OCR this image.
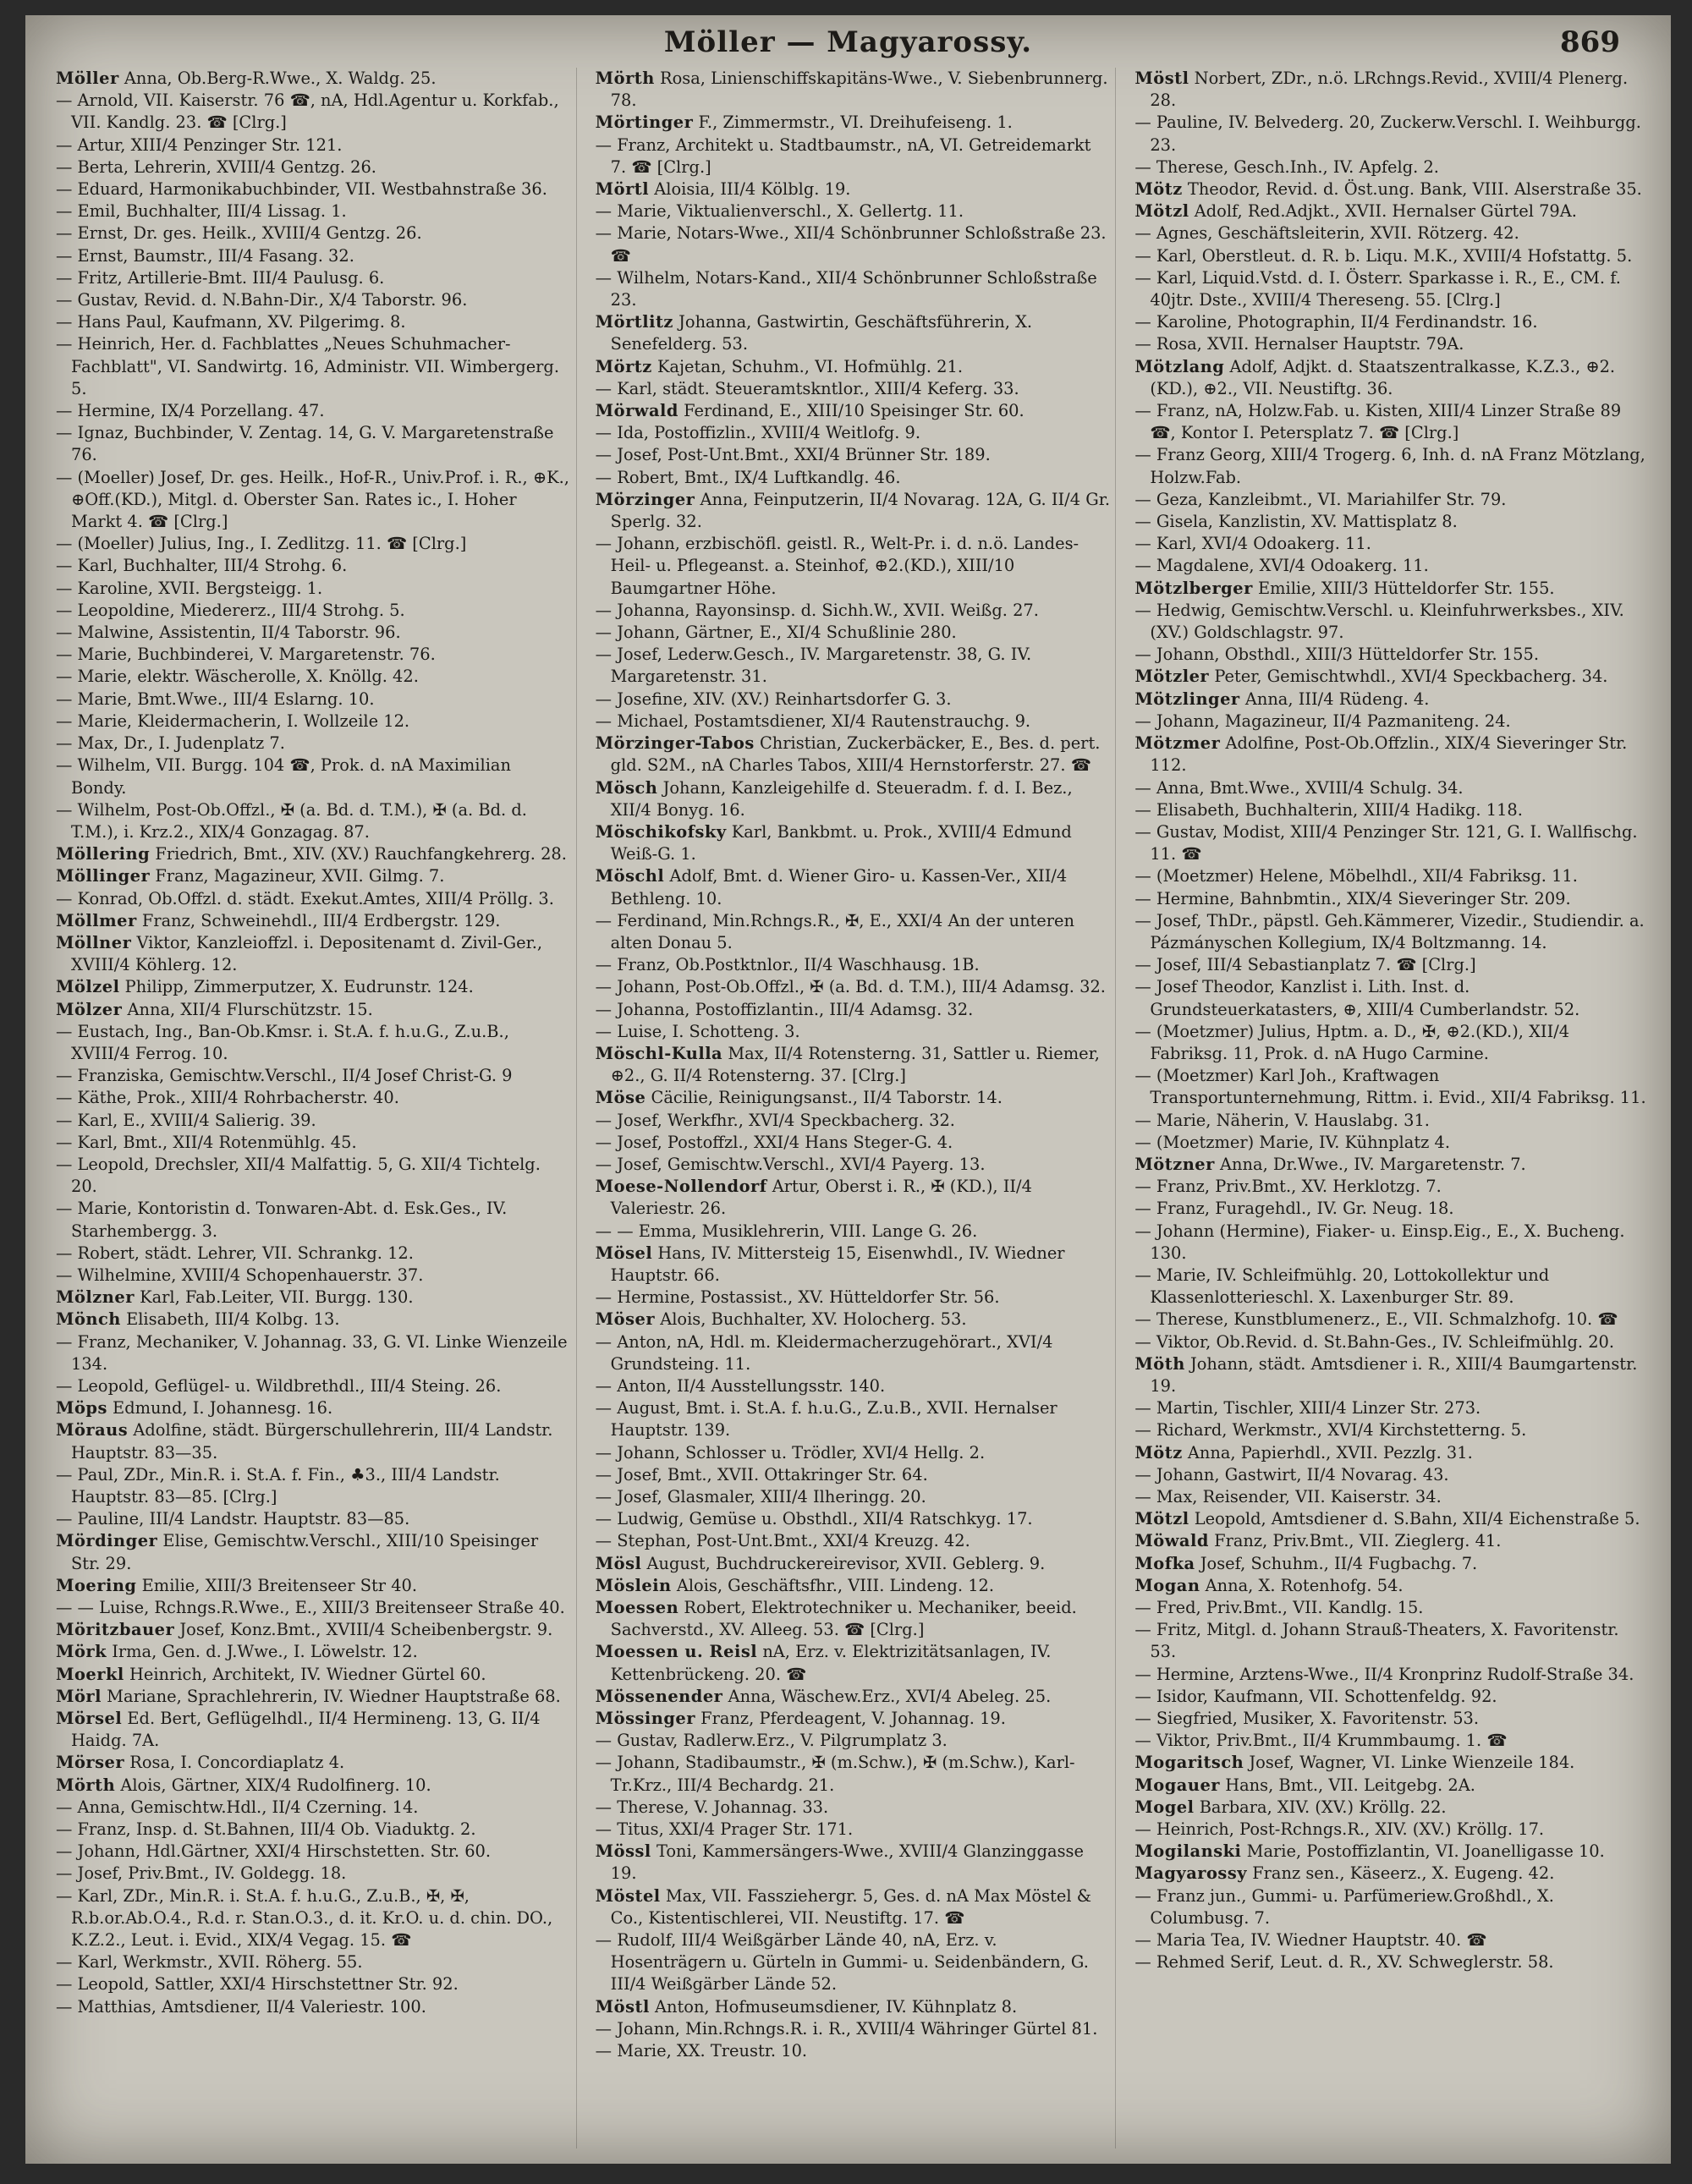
Möller — Magyarossy.	869

Möller Anna, Ob.Berg-R.Wwe., X. Waldg. 25.

— Arnold, VII. Kaiserstr. 76 ☎, nA, Hdl.Agentur u. Korkfab., VII. Kandlg. 23. ☎ [Clrg.]

— Artur, XIII/4 Penzinger Str. 121.

— Berta, Lehrerin, XVIII/4 Gentzg. 26.

— Eduard, Harmonikabuchbinder, VII. Westbahnstraße 36.

— Emil, Buchhalter, III/4 Lissag. 1.

— Ernst, Dr. ges. Heilk., XVIII/4 Gentzg. 26.

— Ernst, Baumstr., III/4 Fasang. 32.

— Fritz, Artillerie-Bmt. III/4 Paulusg. 6.

— Gustav, Revid. d. N.Bahn-Dir., X/4 Taborstr. 96.

— Hans Paul, Kaufmann, XV. Pilgerimg. 8.

— Heinrich, Her. d. Fachblattes „Neues Schuhmacher-Fachblatt", VI. Sandwirtg. 16, Administr. VII. Wimbergerg. 5.

— Hermine, IX/4 Porzellang. 47.

— Ignaz, Buchbinder, V. Zentag. 14, G. V. Margaretenstraße 76.

— (Moeller) Josef, Dr. ges. Heilk., Hof-R., Univ.Prof. i. R., ⊕K., ⊕Off.(KD.), Mitgl. d. Oberster San. Rates ic., I. Hoher Markt 4. ☎ [Clrg.]

— (Moeller) Julius, Ing., I. Zedlitzg. 11. ☎ [Clrg.]

— Karl, Buchhalter, III/4 Strohg. 6.

— Karoline, XVII. Bergsteigg. 1.

— Leopoldine, Miedererz., III/4 Strohg. 5.

— Malwine, Assistentin, II/4 Taborstr. 96.

— Marie, Buchbinderei, V. Margaretenstr. 76.

— Marie, elektr. Wäscherolle, X. Knöllg. 42.

— Marie, Bmt.Wwe., III/4 Eslarng. 10.

— Marie, Kleidermacherin, I. Wollzeile 12.

— Max, Dr., I. Judenplatz 7.

— Wilhelm, VII. Burgg. 104 ☎, Prok. d. nA Maximilian Bondy.

— Wilhelm, Post-Ob.Offzl., ✠ (a. Bd. d. T.M.), ✠ (a. Bd. d. T.M.), i. Krz.2., XIX/4 Gonzagag. 87.

Möllering Friedrich, Bmt., XIV. (XV.) Rauchfangkehrerg. 28.

Möllinger Franz, Magazineur, XVII. Gilmg. 7.

— Konrad, Ob.Offzl. d. städt. Exekut.Amtes, XIII/4 Pröllg. 3.

Möllmer Franz, Schweinehdl., III/4 Erdbergstr. 129.

Möllner Viktor, Kanzleioffzl. i. Depositenamt d. Zivil-Ger., XVIII/4 Köhlerg. 12.

Mölzel Philipp, Zimmerputzer, X. Eudrunstr. 124.

Mölzer Anna, XII/4 Flurschützstr. 15.

— Eustach, Ing., Ban-Ob.Kmsr. i. St.A. f. h.u.G., Z.u.B., XVIII/4 Ferrog. 10.

— Franziska, Gemischtw.Verschl., II/4 Josef Christ-G. 9

— Käthe, Prok., XIII/4 Rohrbacherstr. 40.

— Karl, E., XVIII/4 Salierig. 39.

— Karl, Bmt., XII/4 Rotenmühlg. 45.

— Leopold, Drechsler, XII/4 Malfattig. 5, G. XII/4 Tichtelg. 20.

— Marie, Kontoristin d. Tonwaren-Abt. d. Esk.Ges., IV. Starhembergg. 3.

— Robert, städt. Lehrer, VII. Schrankg. 12.

— Wilhelmine, XVIII/4 Schopenhauerstr. 37.

Mölzner Karl, Fab.Leiter, VII. Burgg. 130.

Mönch Elisabeth, III/4 Kolbg. 13.

— Franz, Mechaniker, V. Johannag. 33, G. VI. Linke Wienzeile 134.

— Leopold, Geflügel- u. Wildbrethdl., III/4 Steing. 26.

Möps Edmund, I. Johannesg. 16.

Möraus Adolfine, städt. Bürgerschullehrerin, III/4 Landstr. Hauptstr. 83—35.

— Paul, ZDr., Min.R. i. St.A. f. Fin., ♣3., III/4 Landstr. Hauptstr. 83—85. [Clrg.]

— Pauline, III/4 Landstr. Hauptstr. 83—85.

Mördinger Elise, Gemischtw.Verschl., XIII/10 Speisinger Str. 29.

Moering Emilie, XIII/3 Breitenseer Str 40.

— — Luise, Rchngs.R.Wwe., E., XIII/3 Breitenseer Straße 40.

Möritzbauer Josef, Konz.Bmt., XVIII/4 Scheibenbergstr. 9.

Mörk Irma, Gen. d. J.Wwe., I. Löwelstr. 12.

Moerkl Heinrich, Architekt, IV. Wiedner Gürtel 60.

Mörl Mariane, Sprachlehrerin, IV. Wiedner Hauptstraße 68.

Mörsel Ed. Bert, Geflügelhdl., II/4 Hermineng. 13, G. II/4 Haidg. 7A.

Mörser Rosa, I. Concordiaplatz 4.

Mörth Alois, Gärtner, XIX/4 Rudolfinerg. 10.

— Anna, Gemischtw.Hdl., II/4 Czerning. 14.

— Franz, Insp. d. St.Bahnen, III/4 Ob. Viaduktg. 2.

— Johann, Hdl.Gärtner, XXI/4 Hirschstetten. Str. 60.

— Josef, Priv.Bmt., IV. Goldegg. 18.

— Karl, ZDr., Min.R. i. St.A. f. h.u.G., Z.u.B., ✠, ✠, R.b.or.Ab.O.4., R.d. r. Stan.O.3., d. it. Kr.O. u. d. chin. DO., K.Z.2., Leut. i. Evid., XIX/4 Vegag. 15. ☎

— Karl, Werkmstr., XVII. Röherg. 55.

— Leopold, Sattler, XXI/4 Hirschstettner Str. 92.

— Matthias, Amtsdiener, II/4 Valeriestr. 100.

Mörth Rosa, Linienschiffskapitäns-Wwe., V. Siebenbrunnerg. 78.

Mörtinger F., Zimmermstr., VI. Dreihufeiseng. 1.

— Franz, Architekt u. Stadtbaumstr., nA, VI. Getreidemarkt 7. ☎ [Clrg.]

Mörtl Aloisia, III/4 Kölblg. 19.

— Marie, Viktualienverschl., X. Gellertg. 11.

— Marie, Notars-Wwe., XII/4 Schönbrunner Schloßstraße 23. ☎

— Wilhelm, Notars-Kand., XII/4 Schönbrunner Schloßstraße 23.

Mörtlitz Johanna, Gastwirtin, Geschäftsführerin, X. Senefelderg. 53.

Mörtz Kajetan, Schuhm., VI. Hofmühlg. 21.

— Karl, städt. Steueramtskntlor., XIII/4 Keferg. 33.

Mörwald Ferdinand, E., XIII/10 Speisinger Str. 60.

— Ida, Postoffizlin., XVIII/4 Weitlofg. 9.

— Josef, Post-Unt.Bmt., XXI/4 Brünner Str. 189.

— Robert, Bmt., IX/4 Luftkandlg. 46.

Mörzinger Anna, Feinputzerin, II/4 Novarag. 12A, G. II/4 Gr. Sperlg. 32.

— Johann, erzbischöfl. geistl. R., Welt-Pr. i. d. n.ö. Landes-Heil- u. Pflegeanst. a. Steinhof, ⊕2.(KD.), XIII/10 Baumgartner Höhe.

— Johanna, Rayonsinsp. d. Sichh.W., XVII. Weißg. 27.

— Johann, Gärtner, E., XI/4 Schußlinie 280.

— Josef, Lederw.Gesch., IV. Margaretenstr. 38, G. IV. Margaretenstr. 31.

— Josefine, XIV. (XV.) Reinhartsdorfer G. 3.

— Michael, Postamtsdiener, XI/4 Rautenstrauchg. 9.

Mörzinger-Tabos Christian, Zuckerbäcker, E., Bes. d. pert. gld. S2M., nA Charles Tabos, XIII/4 Hernstorferstr. 27. ☎

Mösch Johann, Kanzleigehilfe d. Steueradm. f. d. I. Bez., XII/4 Bonyg. 16.

Möschikofsky Karl, Bankbmt. u. Prok., XVIII/4 Edmund Weiß-G. 1.

Möschl Adolf, Bmt. d. Wiener Giro- u. Kassen-Ver., XII/4 Bethleng. 10.

— Ferdinand, Min.Rchngs.R., ✠, E., XXI/4 An der unteren alten Donau 5.

— Franz, Ob.Postktnlor., II/4 Waschhausg. 1B.

— Johann, Post-Ob.Offzl., ✠ (a. Bd. d. T.M.), III/4 Adamsg. 32.

— Johanna, Postoffizlantin., III/4 Adamsg. 32.

— Luise, I. Schotteng. 3.

Möschl-Kulla Max, II/4 Rotensterng. 31, Sattler u. Riemer, ⊕2., G. II/4 Rotensterng. 37. [Clrg.]

Möse Cäcilie, Reinigungsanst., II/4 Taborstr. 14.

— Josef, Werkfhr., XVI/4 Speckbacherg. 32.

— Josef, Postoffzl., XXI/4 Hans Steger-G. 4.

— Josef, Gemischtw.Verschl., XVI/4 Payerg. 13.

Moese-Nollendorf Artur, Oberst i. R., ✠ (KD.), II/4 Valeriestr. 26.

— — Emma, Musiklehrerin, VIII. Lange G. 26.

Mösel Hans, IV. Mittersteig 15, Eisenwhdl., IV. Wiedner Hauptstr. 66.

— Hermine, Postassist., XV. Hütteldorfer Str. 56.

Möser Alois, Buchhalter, XV. Holocherg. 53.

— Anton, nA, Hdl. m. Kleidermacherzugehörart., XVI/4 Grundsteing. 11.

— Anton, II/4 Ausstellungsstr. 140.

— August, Bmt. i. St.A. f. h.u.G., Z.u.B., XVII. Hernalser Hauptstr. 139.

— Johann, Schlosser u. Trödler, XVI/4 Hellg. 2.

— Josef, Bmt., XVII. Ottakringer Str. 64.

— Josef, Glasmaler, XIII/4 Ilheringg. 20.

— Ludwig, Gemüse u. Obsthdl., XII/4 Ratschkyg. 17.

— Stephan, Post-Unt.Bmt., XXI/4 Kreuzg. 42.

Mösl August, Buchdruckereirevisor, XVII. Geblerg. 9.

Möslein Alois, Geschäftsfhr., VIII. Lindeng. 12.

Moessen Robert, Elektrotechniker u. Mechaniker, beeid. Sachverstd., XV. Alleeg. 53. ☎ [Clrg.]

Moessen u. Reisl nA, Erz. v. Elektrizitätsanlagen, IV. Kettenbrückeng. 20. ☎

Mössenender Anna, Wäschew.Erz., XVI/4 Abeleg. 25.

Mössinger Franz, Pferdeagent, V. Johannag. 19.

— Gustav, Radlerw.Erz., V. Pilgrumplatz 3.

— Johann, Stadibaumstr., ✠ (m.Schw.), ✠ (m.Schw.), Karl-Tr.Krz., III/4 Bechardg. 21.

— Therese, V. Johannag. 33.

— Titus, XXI/4 Prager Str. 171.

Mössl Toni, Kammersängers-Wwe., XVIII/4 Glanzinggasse 19.

Möstel Max, VII. Fassziehergr. 5, Ges. d. nA Max Möstel & Co., Kistentischlerei, VII. Neustiftg. 17. ☎

— Rudolf, III/4 Weißgärber Lände 40, nA, Erz. v. Hosenträgern u. Gürteln in Gummi- u. Seidenbändern, G. III/4 Weißgärber Lände 52.

Möstl Anton, Hofmuseumsdiener, IV. Kühnplatz 8.

— Johann, Min.Rchngs.R. i. R., XVIII/4 Währinger Gürtel 81.

— Marie, XX. Treustr. 10.

Möstl Norbert, ZDr., n.ö. LRchngs.Revid., XVIII/4 Plenerg. 28.

— Pauline, IV. Belvederg. 20, Zuckerw.Verschl. I. Weihburgg. 23.

— Therese, Gesch.Inh., IV. Apfelg. 2.

Mötz Theodor, Revid. d. Öst.ung. Bank, VIII. Alserstraße 35.

Mötzl Adolf, Red.Adjkt., XVII. Hernalser Gürtel 79A.

— Agnes, Geschäftsleiterin, XVII. Rötzerg. 42.

— Karl, Oberstleut. d. R. b. Liqu. M.K., XVIII/4 Hofstattg. 5.

— Karl, Liquid.Vstd. d. I. Österr. Sparkasse i. R., E., CM. f. 40jtr. Dste., XVIII/4 Thereseng. 55. [Clrg.]

— Karoline, Photographin, II/4 Ferdinandstr. 16.

— Rosa, XVII. Hernalser Hauptstr. 79A.

Mötzlang Adolf, Adjkt. d. Staatszentralkasse, K.Z.3., ⊕2.(KD.), ⊕2., VII. Neustiftg. 36.

— Franz, nA, Holzw.Fab. u. Kisten, XIII/4 Linzer Straße 89 ☎, Kontor I. Petersplatz 7. ☎ [Clrg.]

— Franz Georg, XIII/4 Trogerg. 6, Inh. d. nA Franz Mötzlang, Holzw.Fab.

— Geza, Kanzleibmt., VI. Mariahilfer Str. 79.

— Gisela, Kanzlistin, XV. Mattisplatz 8.

— Karl, XVI/4 Odoakerg. 11.

— Magdalene, XVI/4 Odoakerg. 11.

Mötzlberger Emilie, XIII/3 Hütteldorfer Str. 155.

— Hedwig, Gemischtw.Verschl. u. Kleinfuhrwerksbes., XIV. (XV.) Goldschlagstr. 97.

— Johann, Obsthdl., XIII/3 Hütteldorfer Str. 155.

Mötzler Peter, Gemischtwhdl., XVI/4 Speckbacherg. 34.

Mötzlinger Anna, III/4 Rüdeng. 4.

— Johann, Magazineur, II/4 Pazmaniteng. 24.

Mötzmer Adolfine, Post-Ob.Offzlin., XIX/4 Sieveringer Str. 112.

— Anna, Bmt.Wwe., XVIII/4 Schulg. 34.

— Elisabeth, Buchhalterin, XIII/4 Hadikg. 118.

— Gustav, Modist, XIII/4 Penzinger Str. 121, G. I. Wallfischg. 11. ☎

— (Moetzmer) Helene, Möbelhdl., XII/4 Fabriksg. 11.

— Hermine, Bahnbmtin., XIX/4 Sieveringer Str. 209.

— Josef, ThDr., päpstl. Geh.Kämmerer, Vizedir., Studiendir. a. Pázmányschen Kollegium, IX/4 Boltzmanng. 14.

— Josef, III/4 Sebastianplatz 7. ☎ [Clrg.]

— Josef Theodor, Kanzlist i. Lith. Inst. d. Grundsteuerkatasters, ⊕, XIII/4 Cumberlandstr. 52.

— (Moetzmer) Julius, Hptm. a. D., ✠, ⊕2.(KD.), XII/4 Fabriksg. 11, Prok. d. nA Hugo Carmine.

— (Moetzmer) Karl Joh., Kraftwagen Transportunternehmung, Rittm. i. Evid., XII/4 Fabriksg. 11.

— Marie, Näherin, V. Hauslabg. 31.

— (Moetzmer) Marie, IV. Kühnplatz 4.

Mötzner Anna, Dr.Wwe., IV. Margaretenstr. 7.

— Franz, Priv.Bmt., XV. Herklotzg. 7.

— Franz, Furagehdl., IV. Gr. Neug. 18.

— Johann (Hermine), Fiaker- u. Einsp.Eig., E., X. Bucheng. 130.

— Marie, IV. Schleifmühlg. 20, Lottokollektur und Klassenlotterieschl. X. Laxenburger Str. 89.

— Therese, Kunstblumenerz., E., VII. Schmalzhofg. 10. ☎

— Viktor, Ob.Revid. d. St.Bahn-Ges., IV. Schleifmühlg. 20.

Möth Johann, städt. Amtsdiener i. R., XIII/4 Baumgartenstr. 19.

— Martin, Tischler, XIII/4 Linzer Str. 273.

— Richard, Werkmstr., XVI/4 Kirchstetterng. 5.

Mötz Anna, Papierhdl., XVII. Pezzlg. 31.

— Johann, Gastwirt, II/4 Novarag. 43.

— Max, Reisender, VII. Kaiserstr. 34.

Mötzl Leopold, Amtsdiener d. S.Bahn, XII/4 Eichenstraße 5.

Möwald Franz, Priv.Bmt., VII. Zieglerg. 41.

Mofka Josef, Schuhm., II/4 Fugbachg. 7.

Mogan Anna, X. Rotenhofg. 54.

— Fred, Priv.Bmt., VII. Kandlg. 15.

— Fritz, Mitgl. d. Johann Strauß-Theaters, X. Favoritenstr. 53.

— Hermine, Arztens-Wwe., II/4 Kronprinz Rudolf-Straße 34.

— Isidor, Kaufmann, VII. Schottenfeldg. 92.

— Siegfried, Musiker, X. Favoritenstr. 53.

— Viktor, Priv.Bmt., II/4 Krummbaumg. 1. ☎

Mogaritsch Josef, Wagner, VI. Linke Wienzeile 184.

Mogauer Hans, Bmt., VII. Leitgebg. 2A.

Mogel Barbara, XIV. (XV.) Kröllg. 22.

— Heinrich, Post-Rchngs.R., XIV. (XV.) Kröllg. 17.

Mogilanski Marie, Postoffizlantin, VI. Joanelligasse 10.

Magyarossy Franz sen., Käseerz., X. Eugeng. 42.

— Franz jun., Gummi- u. Parfümeriew.Großhdl., X. Columbusg. 7.

— Maria Tea, IV. Wiedner Hauptstr. 40. ☎

— Rehmed Serif, Leut. d. R., XV. Schweglerstr. 58.
